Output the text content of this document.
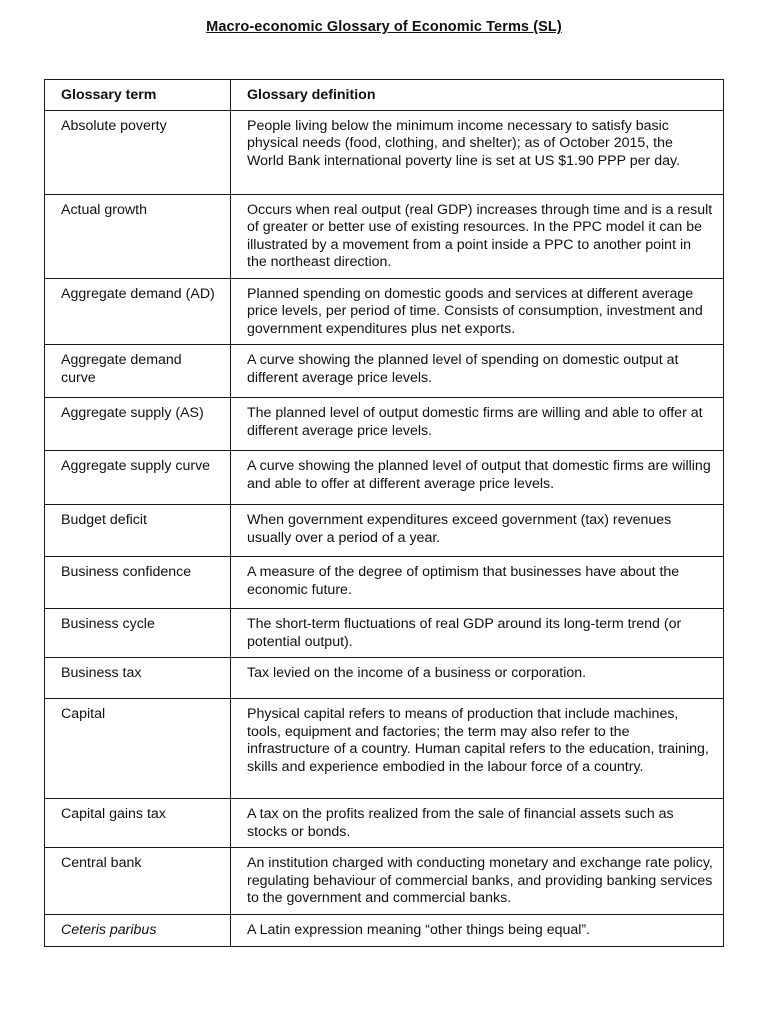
Macro-economic Glossary of Economic Terms (SL)
Glossary term	Glossary definition
Absolute poverty	People living below the minimum income necessary to satisfy basic physical needs (food, clothing, and shelter); as of October 2015, the World Bank international poverty line is set at US $1.90 PPP per day.
Actual growth	Occurs when real output (real GDP) increases through time and is a result of greater or better use of existing resources. In the PPC model it can be illustrated by a movement from a point inside a PPC to another point in the northeast direction.
Aggregate demand (AD)	Planned spending on domestic goods and services at different average price levels, per period of time. Consists of consumption, investment and government expenditures plus net exports.
Aggregate demand curve	A curve showing the planned level of spending on domestic output at different average price levels.
Aggregate supply (AS)	The planned level of output domestic firms are willing and able to offer at different average price levels.
Aggregate supply curve	A curve showing the planned level of output that domestic firms are willing and able to offer at different average price levels.
Budget deficit	When government expenditures exceed government (tax) revenues usually over a period of a year.
Business confidence	A measure of the degree of optimism that businesses have about the economic future.
Business cycle	The short-term fluctuations of real GDP around its long-term trend (or potential output).
Business tax	Tax levied on the income of a business or corporation.
Capital	Physical capital refers to means of production that include machines, tools, equipment and factories; the term may also refer to the infrastructure of a country. Human capital refers to the education, training, skills and experience embodied in the labour force of a country.
Capital gains tax	A tax on the profits realized from the sale of financial assets such as stocks or bonds.
Central bank	An institution charged with conducting monetary and exchange rate policy, regulating behaviour of commercial banks, and providing banking services to the government and commercial banks.
Ceteris paribus	A Latin expression meaning “other things being equal”.
